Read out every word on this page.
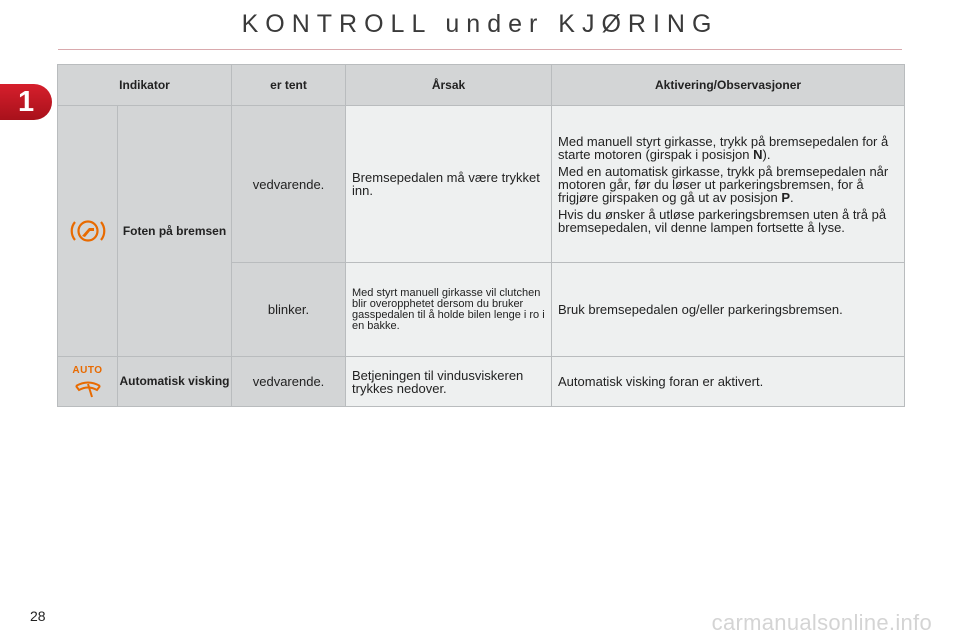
KONTROLL under KJØRING
1
Indikator		er tent	Årsak	Aktivering/Observasjoner

	Foten på bremsen	vedvarende.	Bremsepedalen må være trykket inn.	Med manuell styrt girkasse, trykk på bremsepedalen for å starte motoren (girspak i posisjon N).

Med en automatisk girkasse, trykk på bremsepedalen når motoren går, før du løser ut parkeringsbremsen, for å frigjøre girspaken og gå ut av posisjon P.

Hvis du ønsker å utløse parkeringsbremsen uten å trå på bremsepedalen, vil denne lampen fortsette å lyse.

		blinker.	Med styrt manuell girkasse vil clutchen blir overopphetet dersom du bruker gasspedalen til å holde bilen lenge i ro i en bakke.	Bruk bremsepedalen og/eller parkeringsbremsen.

AUTO	Automatisk visking	vedvarende.	Betjeningen til vindusviskeren trykkes nedover.	Automatisk visking foran er aktivert.
28	carmanualsonline.info
